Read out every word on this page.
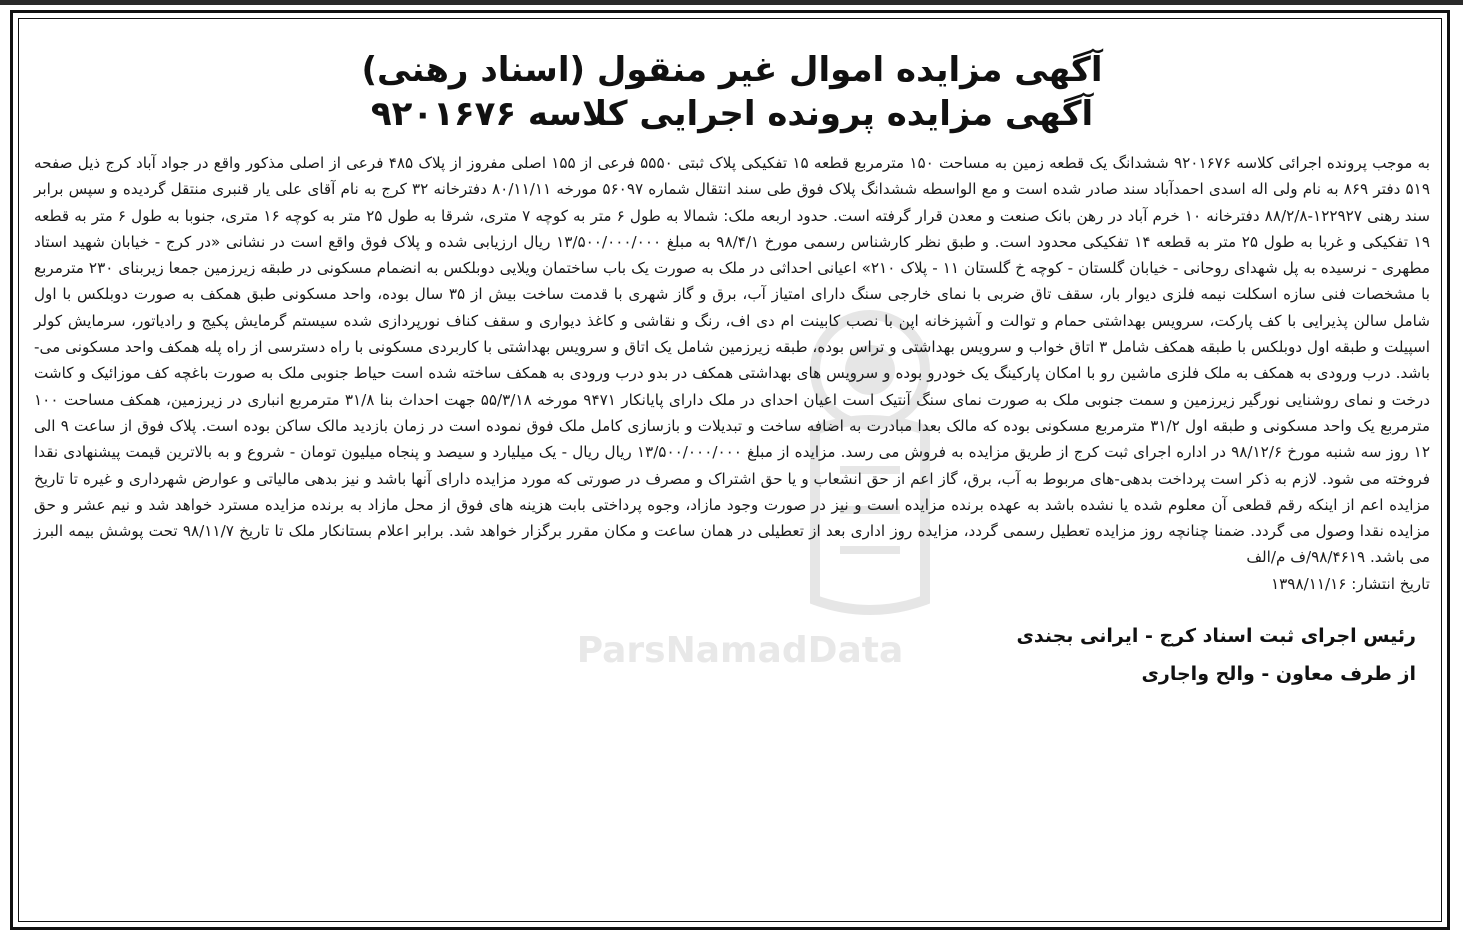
ParsNamadData
آگهی مزایده اموال غیر منقول (اسناد رهنی)
آگهی مزایده پرونده اجرایی کلاسه ۹۲۰۱۶۷۶
به موجب پرونده اجرائی کلاسه ۹۲۰۱۶۷۶ ششدانگ یک قطعه زمین به مساحت ۱۵۰ مترمربع قطعه ۱۵ تفکیکی پلاک ثبتی ۵۵۵۰ فرعی از ۱۵۵ اصلی مفروز از پلاک ۴۸۵ فرعی از اصلی مذکور واقع در جواد آباد کرج ذیل صفحه ۵۱۹ دفتر ۸۶۹ به نام ولی اله اسدی احمدآباد سند صادر شده است و مع الواسطه ششدانگ پلاک فوق طی سند انتقال شماره ۵۶۰۹۷ مورخه ۸۰/۱۱/۱۱ دفترخانه ۳۲ کرج به نام آقای علی یار قنبری منتقل گردیده و سپس برابر سند رهنی ۱۲۲۹۲۷-۸۸/۲/۸ دفترخانه ۱۰ خرم آباد در رهن بانک صنعت و معدن قرار گرفته است. حدود اربعه ملک: شمالا به طول ۶ متر به کوچه ۷ متری، شرقا به طول ۲۵ متر به کوچه ۱۶ متری، جنوبا به طول ۶ متر به قطعه ۱۹ تفکیکی و غربا به طول ۲۵ متر به قطعه ۱۴ تفکیکی محدود است. و طبق نظر کارشناس رسمی مورخ ۹۸/۴/۱ به مبلغ ۱۳/۵۰۰/۰۰۰/۰۰۰ ریال ارزیابی شده و پلاک فوق واقع است در نشانی «در کرج - خیابان شهید استاد مطهری - نرسیده به پل شهدای روحانی - خیابان گلستان - کوچه خ گلستان ۱۱ - پلاک ۲۱۰» اعیانی احداثی در ملک به صورت یک باب ساختمان ویلایی دوبلکس به انضمام مسکونی در طبقه زیرزمین جمعا زیربنای ۲۳۰ مترمربع با مشخصات فنی سازه اسکلت نیمه فلزی دیوار بار، سقف تاق ضربی با نمای خارجی سنگ دارای امتیاز آب، برق و گاز شهری با قدمت ساخت بیش از ۳۵ سال بوده، واحد مسکونی طبق همکف به صورت دوبلکس با اول شامل سالن پذیرایی با کف پارکت، سرویس بهداشتی حمام و توالت و آشپزخانه اپن با نصب کابینت ام دی اف، رنگ و نقاشی و کاغذ دیواری و سقف کناف نورپردازی شده سیستم گرمایش پکیج و رادیاتور، سرمایش کولر اسپیلت و طبقه اول دوبلکس با طبقه همکف شامل ۳ اتاق خواب و سرویس بهداشتی و تراس بوده، طبقه زیرزمین شامل یک اتاق و سرویس بهداشتی با کاربردی مسکونی با راه دسترسی از راه پله همکف واحد مسکونی می-باشد. درب ورودی به همکف به ملک فلزی ماشین رو با امکان پارکینگ یک خودرو بوده و سرویس های بهداشتی همکف در بدو درب ورودی به همکف ساخته شده است حیاط جنوبی ملک به صورت باغچه کف موزائیک و کاشت درخت و نمای روشنایی نورگیر زیرزمین و سمت جنوبی ملک به صورت نمای سنگ آنتیک است اعیان احدای در ملک دارای پایانکار ۹۴۷۱ مورخه ۵۵/۳/۱۸ جهت احداث بنا ۳۱/۸ مترمربع انباری در زیرزمین، همکف مساحت ۱۰۰ مترمربع یک واحد مسکونی و طبقه اول ۳۱/۲ مترمربع مسکونی بوده که مالک بعدا مبادرت به اضافه ساخت و تبدیلات و بازسازی کامل ملک فوق نموده است در زمان بازدید مالک ساکن بوده است. پلاک فوق از ساعت ۹ الی ۱۲ روز سه شنبه مورخ ۹۸/۱۲/۶ در اداره اجرای ثبت کرج از طریق مزایده به فروش می رسد. مزایده از مبلغ ۱۳/۵۰۰/۰۰۰/۰۰۰ ریال ریال - یک میلیارد و سیصد و پنجاه میلیون تومان - شروع و به بالاترین قیمت پیشنهادی نقدا فروخته می شود. لازم به ذکر است پرداخت بدهی-های مربوط به آب، برق، گاز اعم از حق انشعاب و یا حق اشتراک و مصرف در صورتی که مورد مزایده دارای آنها باشد و نیز بدهی مالیاتی و عوارض شهرداری و غیره تا تاریخ مزایده اعم از اینکه رقم قطعی آن معلوم شده یا نشده باشد به عهده برنده مزایده است و نیز در صورت وجود مازاد، وجوه پرداختی بابت هزینه های فوق از محل مازاد به برنده مزایده مسترد خواهد شد و نیم عشر و حق مزایده نقدا وصول می گردد. ضمنا چنانچه روز مزایده تعطیل رسمی گردد، مزایده روز اداری بعد از تعطیلی در همان ساعت و مکان مقرر برگزار خواهد شد. برابر اعلام بستانکار ملک تا تاریخ ۹۸/۱۱/۷ تحت پوشش بیمه البرز می باشد. ۹۸/۴۶۱۹/ف م/الف
تاریخ انتشار: ۱۳۹۸/۱۱/۱۶
رئیس اجرای ثبت اسناد کرج - ایرانی بجندی
از طرف معاون - والح واجاری
